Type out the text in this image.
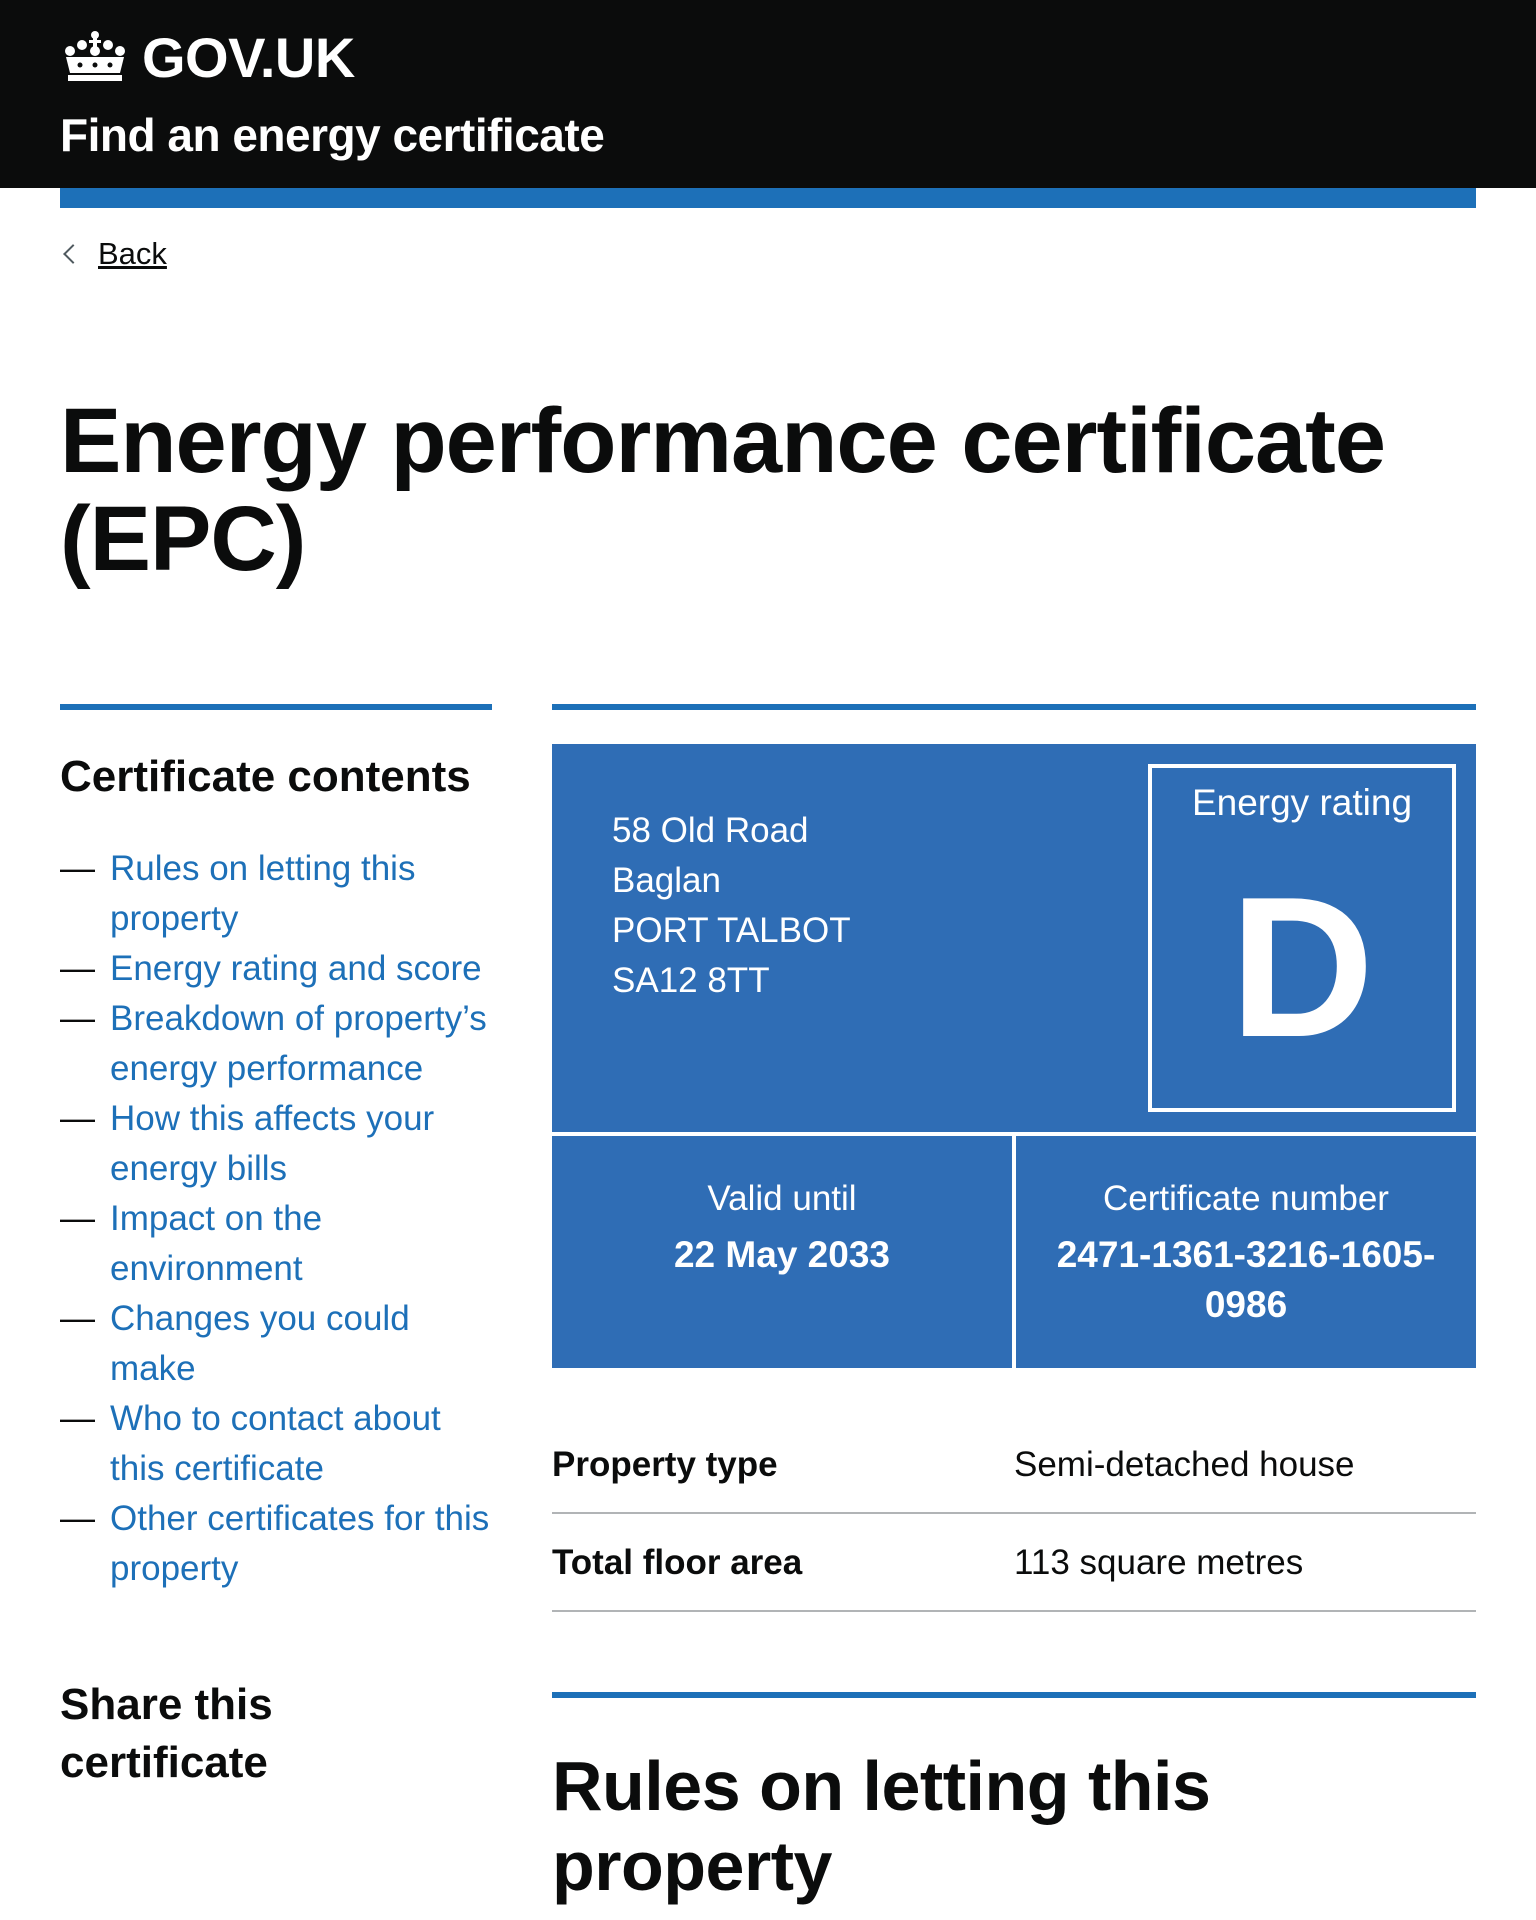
GOV.UK
Find an energy certificate
Back
Energy performance certificate (EPC)
Certificate contents
— Rules on letting this property
— Energy rating and score
— Breakdown of property’s energy performance
— How this affects your energy bills
— Impact on the environment
— Changes you could make
— Who to contact about this certificate
— Other certificates for this property
Share this certificate
58 Old Road
Baglan
PORT TALBOT
SA12 8TT
Energy rating
D
Valid until
22 May 2033
Certificate number
2471-1361-3216-1605-0986
Property type	Semi-detached house
Total floor area	113 square metres
Rules on letting this property
